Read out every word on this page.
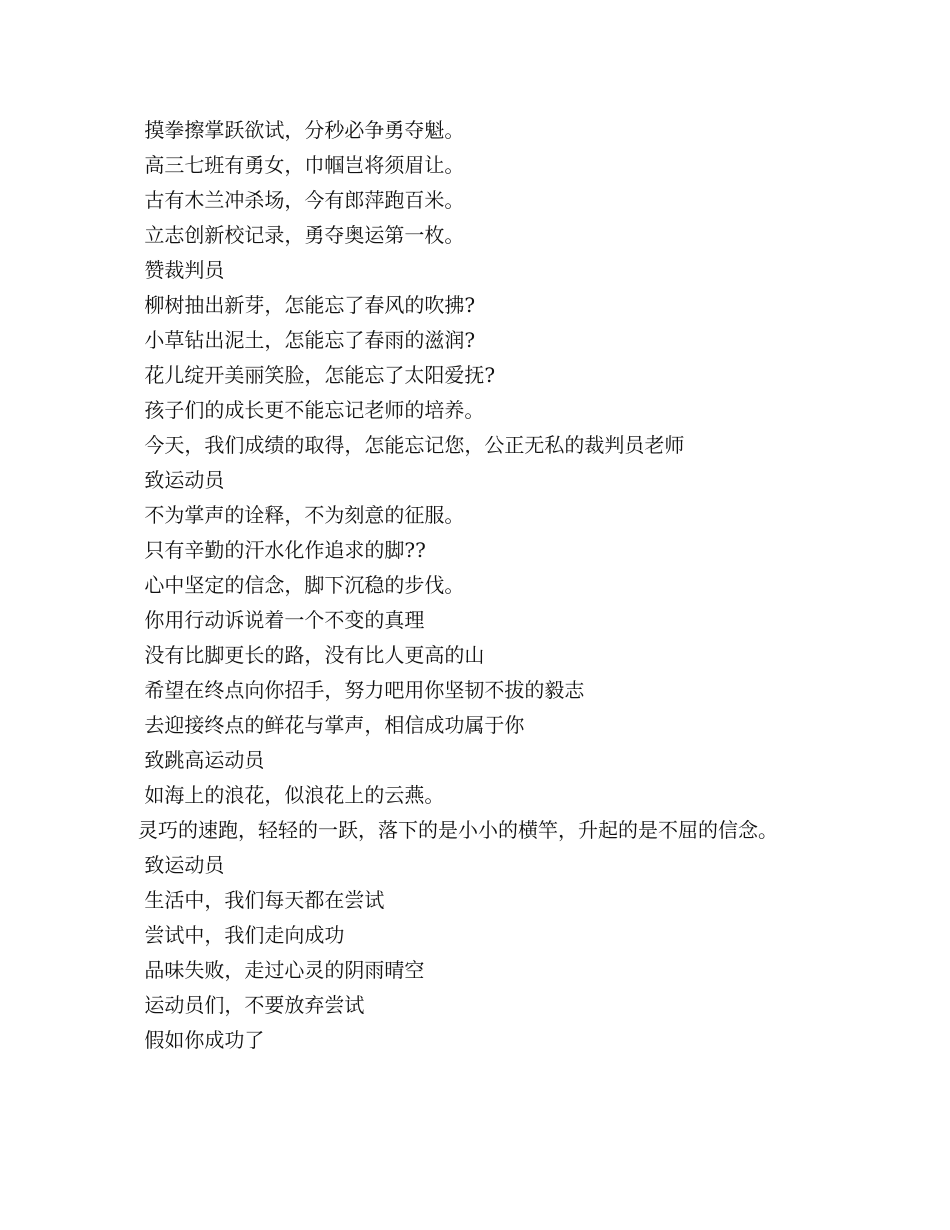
摸拳擦掌跃欲试，分秒必争勇夺魁。
高三七班有勇女，巾帼岂将须眉让。
古有木兰冲杀场，今有郎萍跑百米。
立志创新校记录，勇夺奥运第一枚。
赞裁判员
柳树抽出新芽，怎能忘了春风的吹拂?
小草钻出泥土，怎能忘了春雨的滋润?
花儿绽开美丽笑脸，怎能忘了太阳爱抚?
孩子们的成长更不能忘记老师的培养。
今天，我们成绩的取得，怎能忘记您，公正无私的裁判员老师
致运动员
不为掌声的诠释，不为刻意的征服。
只有辛勤的汗水化作追求的脚??
心中坚定的信念，脚下沉稳的步伐。
你用行动诉说着一个不变的真理
没有比脚更长的路，没有比人更高的山
希望在终点向你招手，努力吧用你坚韧不拔的毅志
去迎接终点的鲜花与掌声，相信成功属于你
致跳高运动员
如海上的浪花，似浪花上的云燕。
灵巧的速跑，轻轻的一跃，落下的是小小的横竿，升起的是不屈的信念。
致运动员
生活中，我们每天都在尝试
尝试中，我们走向成功
品味失败，走过心灵的阴雨晴空
运动员们，不要放弃尝试
假如你成功了
